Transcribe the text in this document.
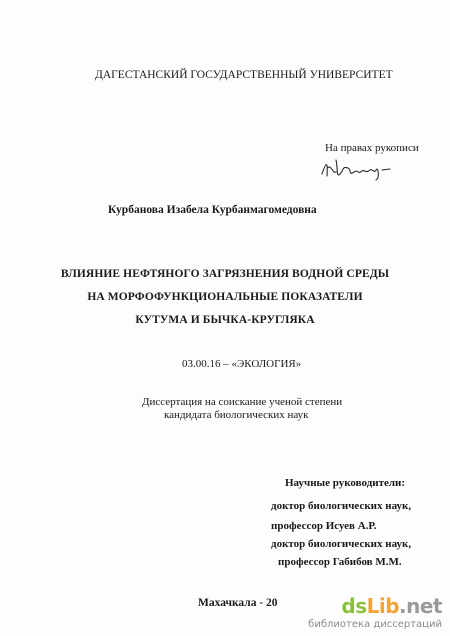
ДАГЕСТАНСКИЙ ГОСУДАРСТВЕННЫЙ УНИВЕРСИТЕТ
На правах рукописи
Курбанова Изабела Курбанмагомедовна
ВЛИЯНИЕ НЕФТЯНОГО ЗАГРЯЗНЕНИЯ ВОДНОЙ СРЕДЫ
НА МОРФОФУНКЦИОНАЛЬНЫЕ ПОКАЗАТЕЛИ
КУТУМА И БЫЧКА-КРУГЛЯКА
03.00.16 – «ЭКОЛОГИЯ»
Диссертация на соискание ученой степени
кандидата биологических наук
Научные руководители:
доктор биологических наук,
профессор Исуев А.Р.
доктор биологических наук,
профессор Габибов М.М.
Махачкала - 20	dsLib.net
библиотека диссертаций
